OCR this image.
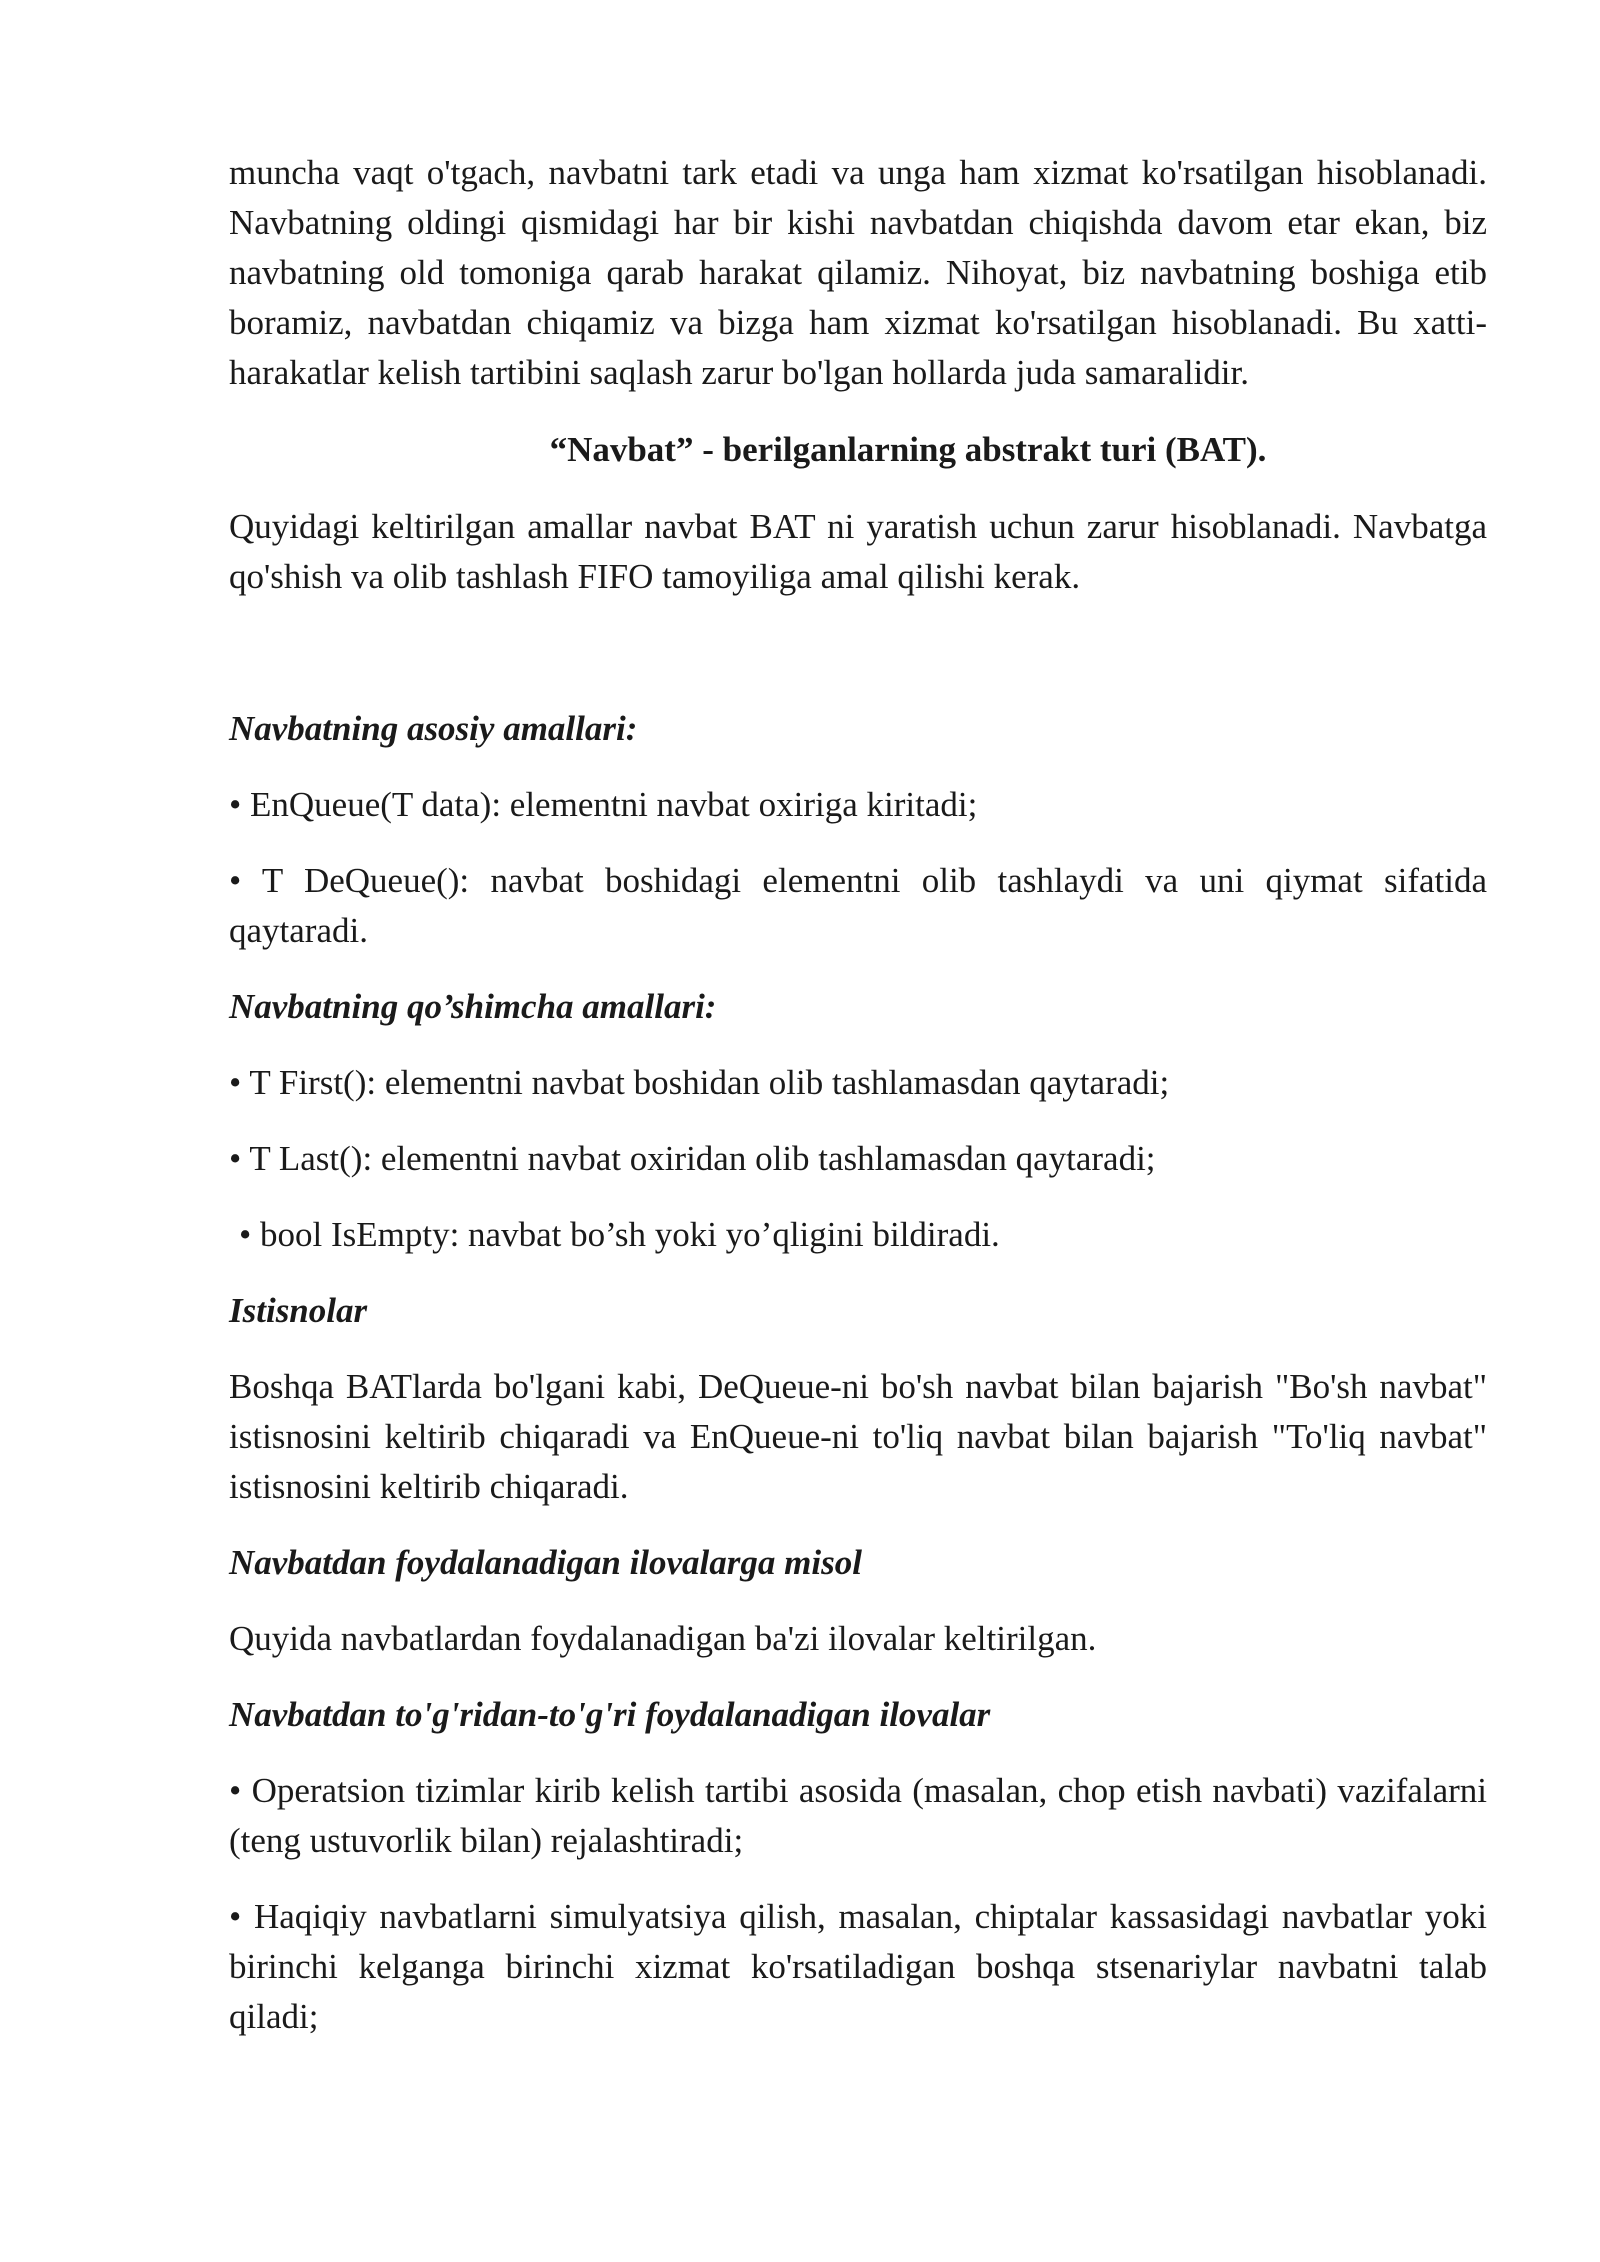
muncha vaqt o'tgach, navbatni tark etadi va unga ham xizmat ko'rsatilgan hisoblanadi. Navbatning oldingi qismidagi har bir kishi navbatdan chiqishda davom etar ekan, biz navbatning old tomoniga qarab harakat qilamiz. Nihoyat, biz navbatning boshiga etib boramiz, navbatdan chiqamiz va bizga ham xizmat ko'rsatilgan hisoblanadi. Bu xatti-harakatlar kelish tartibini saqlash zarur bo'lgan hollarda juda samaralidir.

“Navbat” - berilganlarning abstrakt turi (BAT).

Quyidagi keltirilgan amallar navbat BAT ni yaratish uchun zarur hisoblanadi. Navbatga qo'shish va olib tashlash FIFO tamoyiliga amal qilishi kerak.

Navbatning asosiy amallari:

• EnQueue(T data): elementni navbat oxiriga kiritadi;

• T DeQueue(): navbat boshidagi elementni olib tashlaydi va uni qiymat sifatida qaytaradi.

Navbatning qo’shimcha amallari:

• T First(): elementni navbat boshidan olib tashlamasdan qaytaradi;

• T Last(): elementni navbat oxiridan olib tashlamasdan qaytaradi;

• bool IsEmpty: navbat bo’sh yoki yo’qligini bildiradi.

Istisnolar

Boshqa BATlarda bo'lgani kabi, DeQueue-ni bo'sh navbat bilan bajarish "Bo'sh navbat" istisnosini keltirib chiqaradi va EnQueue-ni to'liq navbat bilan bajarish "To'liq navbat" istisnosini keltirib chiqaradi.

Navbatdan foydalanadigan ilovalarga misol

Quyida navbatlardan foydalanadigan ba'zi ilovalar keltirilgan.

Navbatdan to'g'ridan-to'g'ri foydalanadigan ilovalar

• Operatsion tizimlar kirib kelish tartibi asosida (masalan, chop etish navbati) vazifalarni (teng ustuvorlik bilan) rejalashtiradi;

• Haqiqiy navbatlarni simulyatsiya qilish, masalan, chiptalar kassasidagi navbatlar yoki birinchi kelganga birinchi xizmat ko'rsatiladigan boshqa stsenariylar navbatni talab qiladi;
